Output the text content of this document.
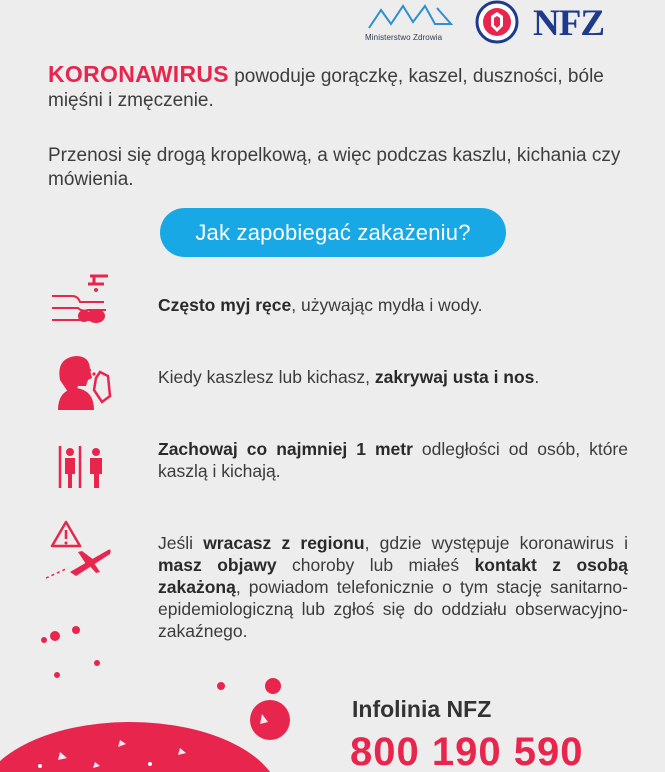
Ministerstwo Zdrowia NFZ
KORONAWIRUS powoduje gorączkę, kaszel, duszności, bóle mięśni i zmęczenie.
Przenosi się drogą kropelkową, a więc podczas kaszlu, kichania czy mówienia.
Jak zapobiegać zakażeniu?
Często myj ręce, używając mydła i wody.
Kiedy kaszlesz lub kichasz, zakrywaj usta i nos.
Zachowaj co najmniej 1 metr odległości od osób, które kaszlą i kichają.
Jeśli wracasz z regionu, gdzie występuje koronawirus i masz objawy choroby lub miałeś kontakt z osobą zakażoną, powiadom telefonicznie o tym stację sanitarno-epidemiologiczną lub zgłoś się do oddziału obserwacyjno-zakaźnego.
Infolinia NFZ
800 190 590
